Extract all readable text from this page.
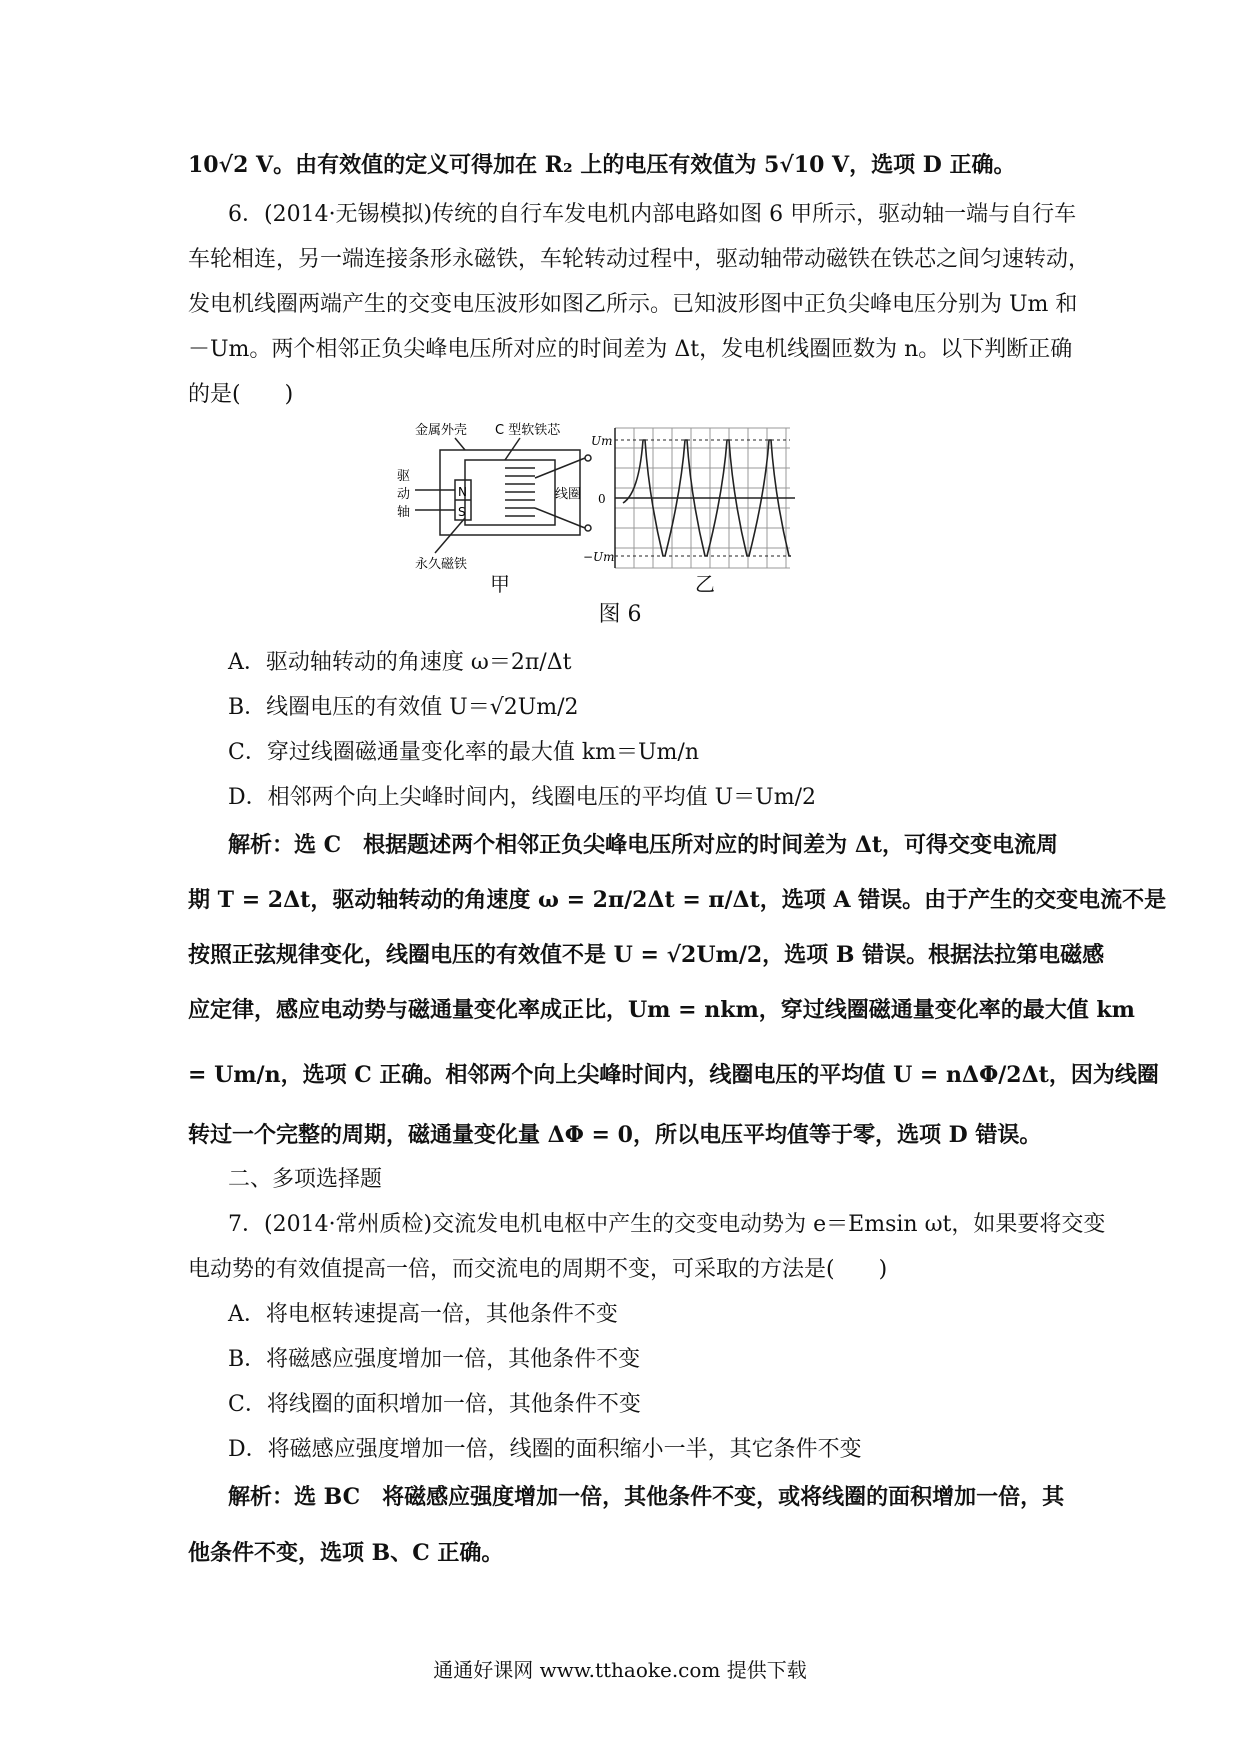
10√2 V。由有效值的定义可得加在 R₂ 上的电压有效值为 5√10 V，选项 D 正确。
6．(2014·无锡模拟)传统的自行车发电机内部电路如图 6 甲所示，驱动轴一端与自行车
车轮相连，另一端连接条形永磁铁，车轮转动过程中，驱动轴带动磁铁在铁芯之间匀速转动，
发电机线圈两端产生的交变电压波形如图乙所示。已知波形图中正负尖峰电压分别为 Um 和
－Um。两个相邻正负尖峰电压所对应的时间差为 Δt，发电机线圈匝数为 n。以下判断正确
的是(　　)
金属外壳 C 型软铁芯
驱
动
轴
N
S
线圈
永久磁铁
Um
0
−Um
甲	乙
图 6
A．驱动轴转动的角速度 ω＝2π/Δt
B．线圈电压的有效值 U＝√2Um/2
C．穿过线圈磁通量变化率的最大值 km＝Um/n
D．相邻两个向上尖峰时间内，线圈电压的平均值 U＝Um/2
解析：选 C　根据题述两个相邻正负尖峰电压所对应的时间差为 Δt，可得交变电流周
期 T = 2Δt，驱动轴转动的角速度 ω = 2π/2Δt = π/Δt，选项 A 错误。由于产生的交变电流不是
按照正弦规律变化，线圈电压的有效值不是 U = √2Um/2，选项 B 错误。根据法拉第电磁感
应定律，感应电动势与磁通量变化率成正比，Um = nkm，穿过线圈磁通量变化率的最大值 km
= Um/n，选项 C 正确。相邻两个向上尖峰时间内，线圈电压的平均值 U = nΔΦ/2Δt，因为线圈
转过一个完整的周期，磁通量变化量 ΔΦ = 0，所以电压平均值等于零，选项 D 错误。
二、多项选择题
7．(2014·常州质检)交流发电机电枢中产生的交变电动势为 e＝Emsin ωt，如果要将交变
电动势的有效值提高一倍，而交流电的周期不变，可采取的方法是(　　)
A．将电枢转速提高一倍，其他条件不变
B．将磁感应强度增加一倍，其他条件不变
C．将线圈的面积增加一倍，其他条件不变
D．将磁感应强度增加一倍，线圈的面积缩小一半，其它条件不变
解析：选 BC　将磁感应强度增加一倍，其他条件不变，或将线圈的面积增加一倍，其
他条件不变，选项 B、C 正确。
通通好课网 www.tthaoke.com 提供下载
